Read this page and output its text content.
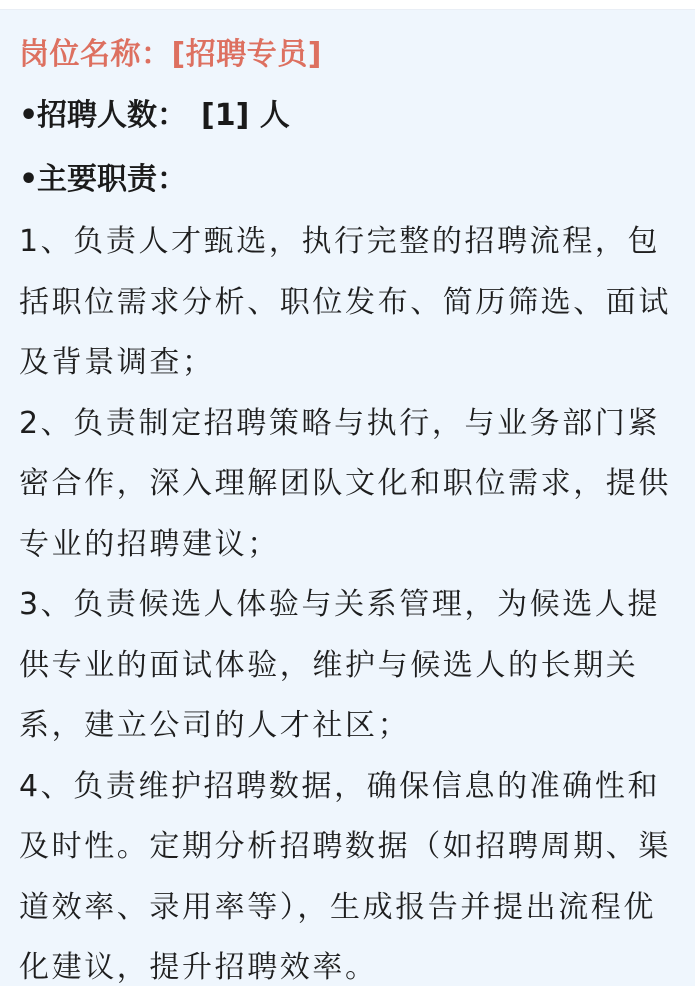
岗位名称：[招聘专员]

•招聘人数： [1] 人

•主要职责：

1、负责人才甄选，执行完整的招聘流程，包括职位需求分析、职位发布、简历筛选、面试及背景调查；
2、负责制定招聘策略与执行，与业务部门紧密合作，深入理解团队文化和职位需求，提供专业的招聘建议；
3、负责候选人体验与关系管理，为候选人提供专业的面试体验，维护与候选人的长期关系，建立公司的人才社区；
4、负责维护招聘数据，确保信息的准确性和及时性。定期分析招聘数据（如招聘周期、渠道效率、录用率等），生成报告并提出流程优化建议，提升招聘效率。
